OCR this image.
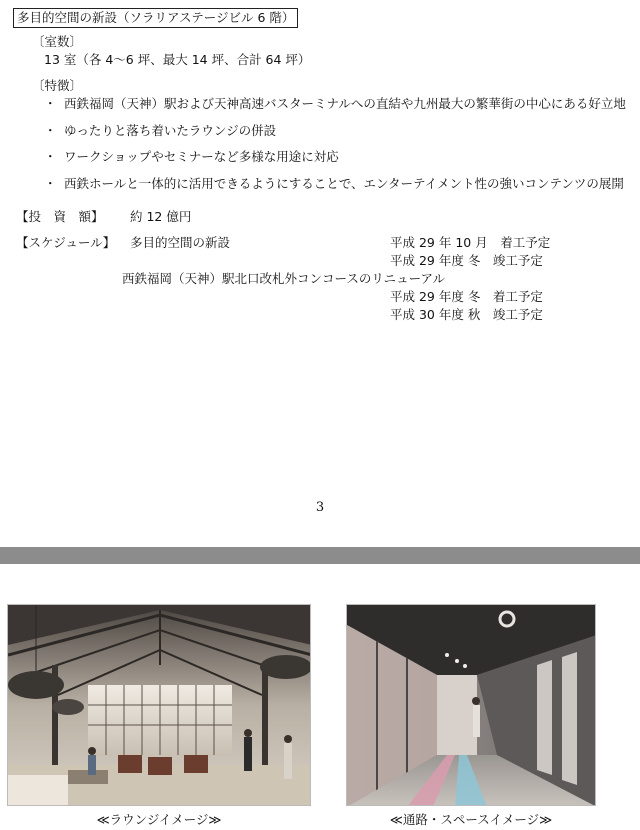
多目的空間の新設（ソラリアステージビル 6 階）
〔室数〕
13 室（各 4～6 坪、最大 14 坪、合計 64 坪）
〔特徴〕
・ 西鉄福岡（天神）駅および天神高速バスターミナルへの直結や九州最大の繁華街の中心にある好立地
・ ゆったりと落ち着いたラウンジの併設
・ ワークショップやセミナーなど多様な用途に対応
・ 西鉄ホールと一体的に活用できるようにすることで、エンターテイメント性の強いコンテンツの展開
【投　資　額】 約 12 億円
【スケジュール】 多目的空間の新設	平成 29 年 10 月　着工予定
平成 29 年度 冬　竣工予定
西鉄福岡（天神）駅北口改札外コンコースのリニューアル
平成 29 年度 冬　着工予定
平成 30 年度 秋　竣工予定
3
≪ラウンジイメージ≫	≪通路・スペースイメージ≫
